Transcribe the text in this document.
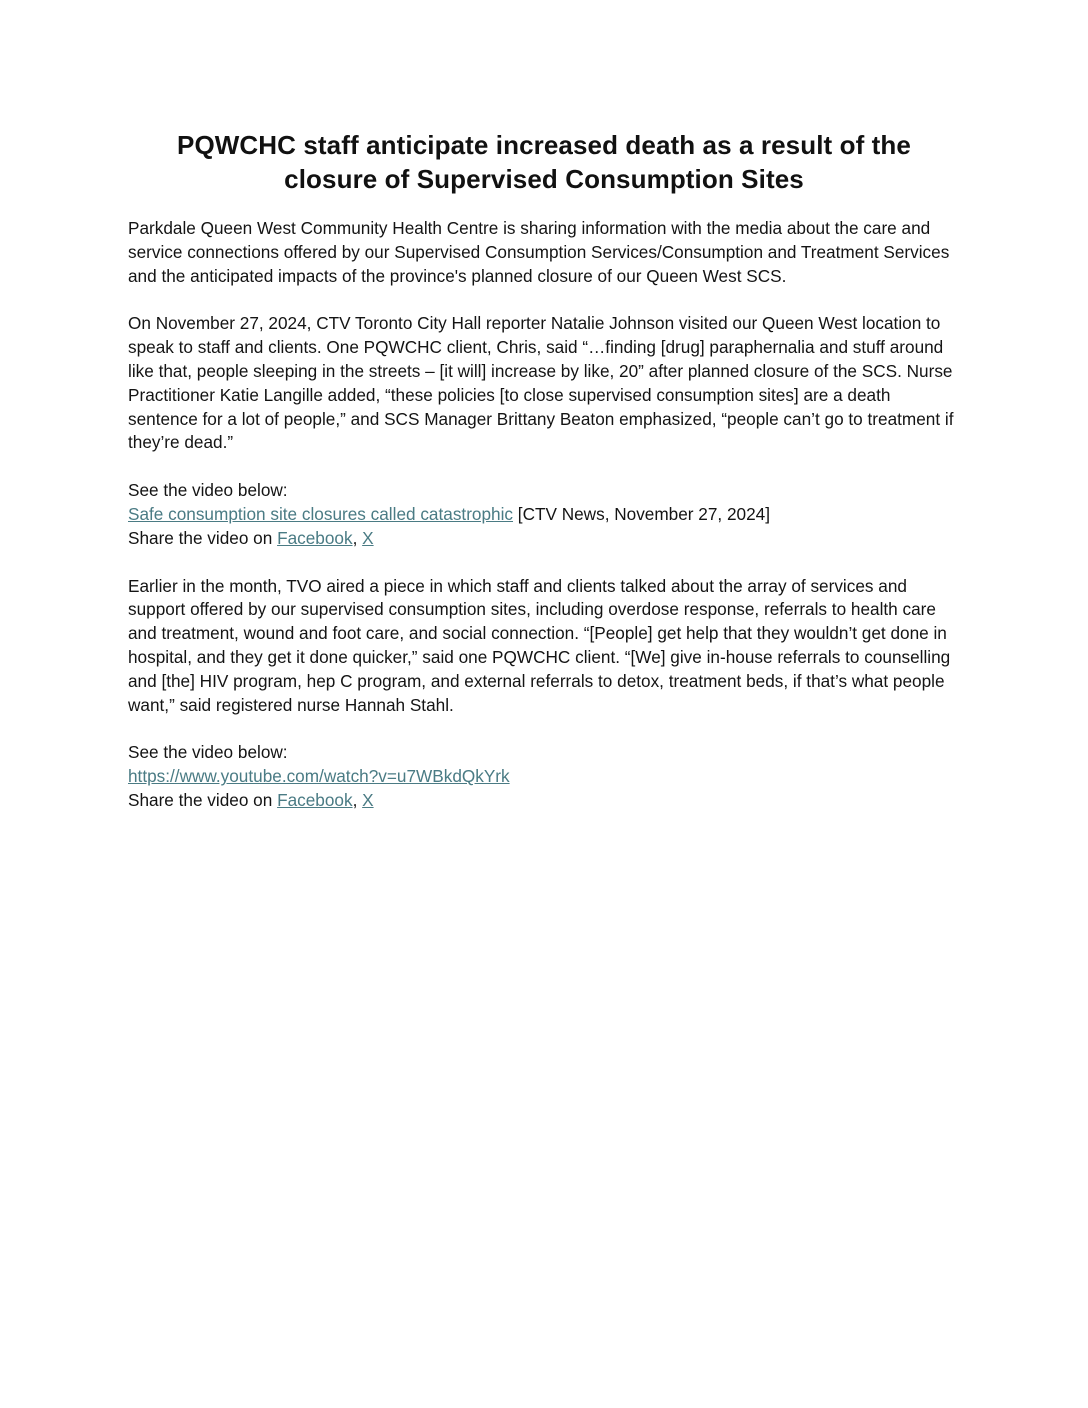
PQWCHC staff anticipate increased death as a result of the closure of Supervised Consumption Sites

Parkdale Queen West Community Health Centre is sharing information with the media about the care and service connections offered by our Supervised Consumption Services/Consumption and Treatment Services and the anticipated impacts of the province's planned closure of our Queen West SCS.

On November 27, 2024, CTV Toronto City Hall reporter Natalie Johnson visited our Queen West location to speak to staff and clients. One PQWCHC client, Chris, said “…finding [drug] paraphernalia and stuff around like that, people sleeping in the streets – [it will] increase by like, 20” after planned closure of the SCS. Nurse Practitioner Katie Langille added, “these policies [to close supervised consumption sites] are a death sentence for a lot of people,” and SCS Manager Brittany Beaton emphasized, “people can’t go to treatment if they’re dead.”

See the video below:
Safe consumption site closures called catastrophic [CTV News, November 27, 2024]
Share the video on Facebook, X

Earlier in the month, TVO aired a piece in which staff and clients talked about the array of services and support offered by our supervised consumption sites, including overdose response, referrals to health care and treatment, wound and foot care, and social connection. “[People] get help that they wouldn’t get done in hospital, and they get it done quicker,” said one PQWCHC client. “[We] give in-house referrals to counselling and [the] HIV program, hep C program, and external referrals to detox, treatment beds, if that’s what people want,” said registered nurse Hannah Stahl.

See the video below:
https://www.youtube.com/watch?v=u7WBkdQkYrk
Share the video on Facebook, X
